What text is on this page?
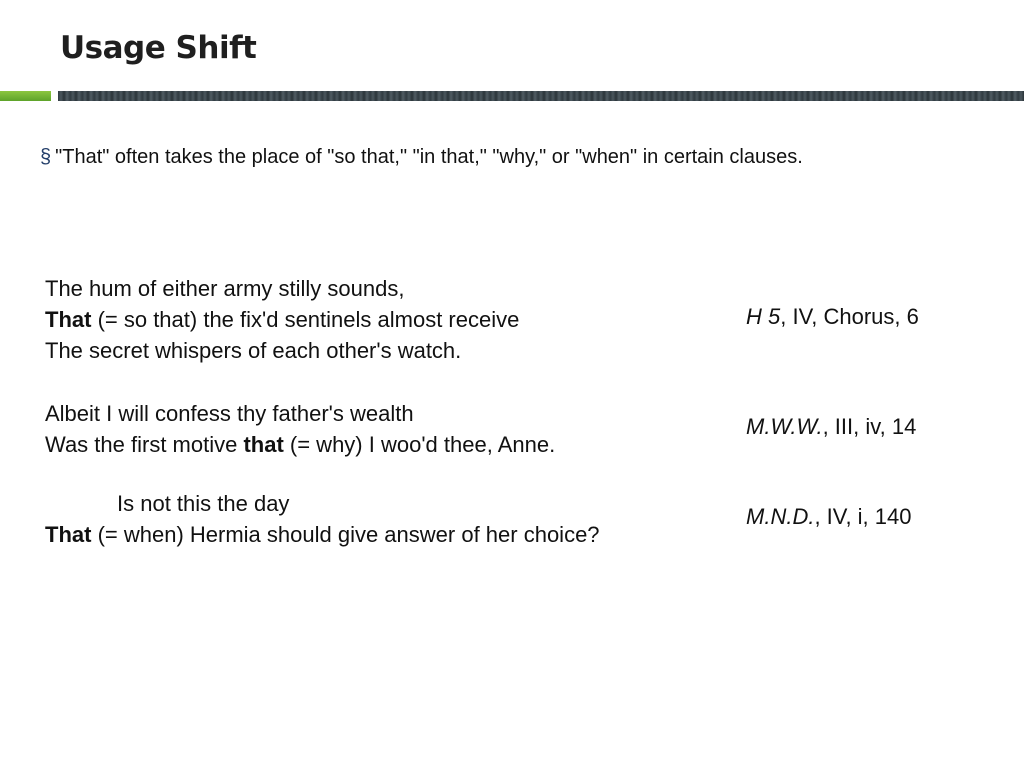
Usage Shift
§ "That" often takes the place of "so that," "in that," "why," or "when" in certain clauses.
The hum of either army stilly sounds,
That (= so that) the fix'd sentinels almost receive
The secret whispers of each other's watch.
H 5, IV, Chorus, 6
Albeit I will confess thy father's wealth
Was the first motive that (= why) I woo'd thee, Anne.
M.W.W., III, iv, 14
Is not this the day
That (= when) Hermia should give answer of her choice?
M.N.D., IV, i, 140
